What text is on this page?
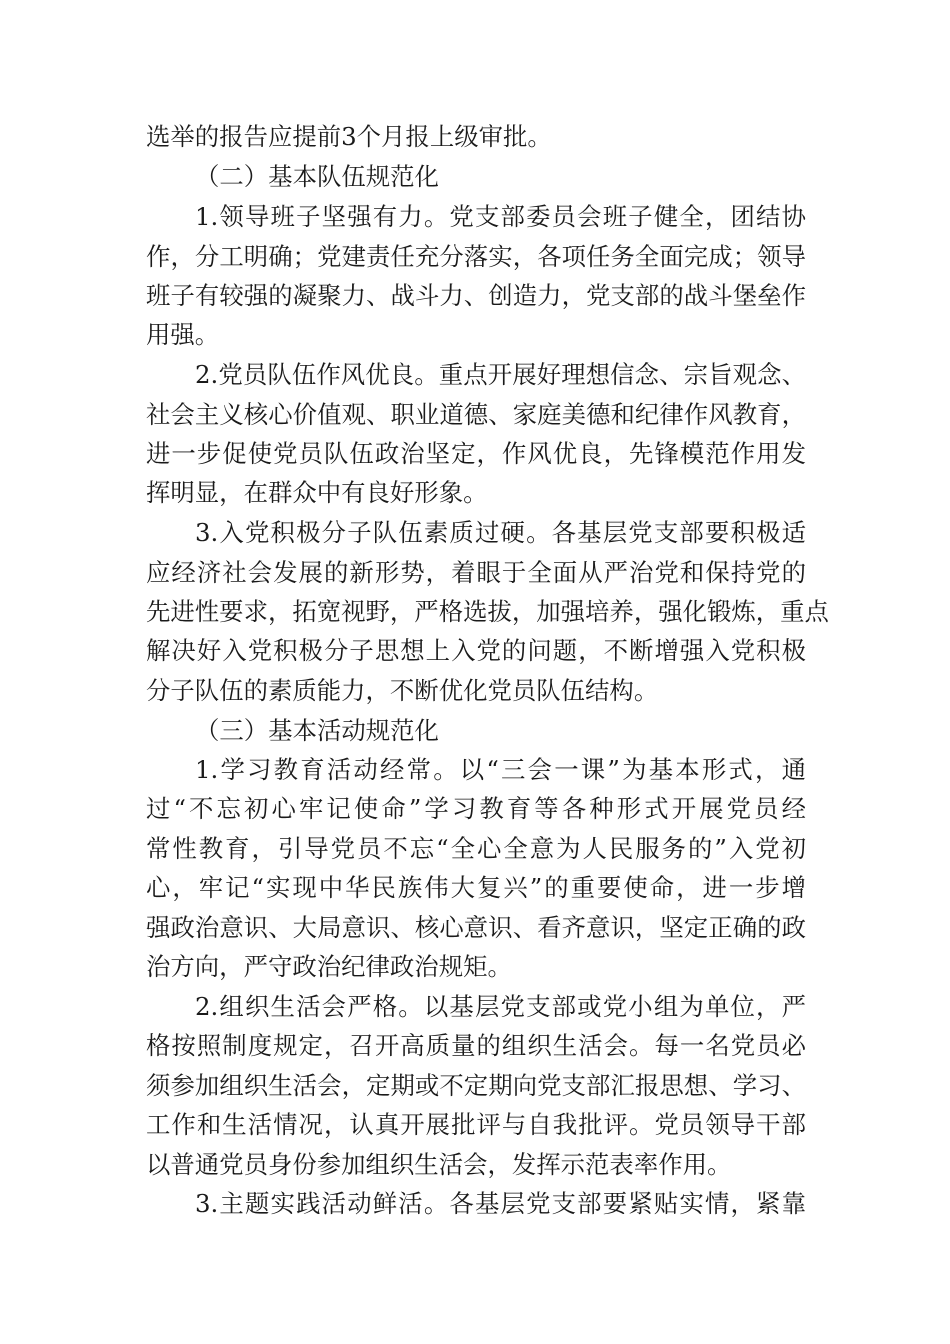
选举的报告应提前3个月报上级审批。
（二）基本队伍规范化
1.领导班子坚强有力。党支部委员会班子健全，团结协
作，分工明确；党建责任充分落实，各项任务全面完成；领导
班子有较强的凝聚力、战斗力、创造力，党支部的战斗堡垒作
用强。
2.党员队伍作风优良。重点开展好理想信念、宗旨观念、
社会主义核心价值观、职业道德、家庭美德和纪律作风教育，
进一步促使党员队伍政治坚定，作风优良，先锋模范作用发
挥明显，在群众中有良好形象。
3.入党积极分子队伍素质过硬。各基层党支部要积极适
应经济社会发展的新形势，着眼于全面从严治党和保持党的
先进性要求，拓宽视野，严格选拔，加强培养，强化锻炼，重点
解决好入党积极分子思想上入党的问题，不断增强入党积极
分子队伍的素质能力，不断优化党员队伍结构。
（三）基本活动规范化
1.学习教育活动经常。以“三会一课”为基本形式，通
过“不忘初心牢记使命”学习教育等各种形式开展党员经
常性教育，引导党员不忘“全心全意为人民服务的”入党初
心，牢记“实现中华民族伟大复兴”的重要使命，进一步增
强政治意识、大局意识、核心意识、看齐意识，坚定正确的政
治方向，严守政治纪律政治规矩。
2.组织生活会严格。以基层党支部或党小组为单位，严
格按照制度规定，召开高质量的组织生活会。每一名党员必
须参加组织生活会，定期或不定期向党支部汇报思想、学习、
工作和生活情况，认真开展批评与自我批评。党员领导干部
以普通党员身份参加组织生活会，发挥示范表率作用。
3.主题实践活动鲜活。各基层党支部要紧贴实情，紧靠
